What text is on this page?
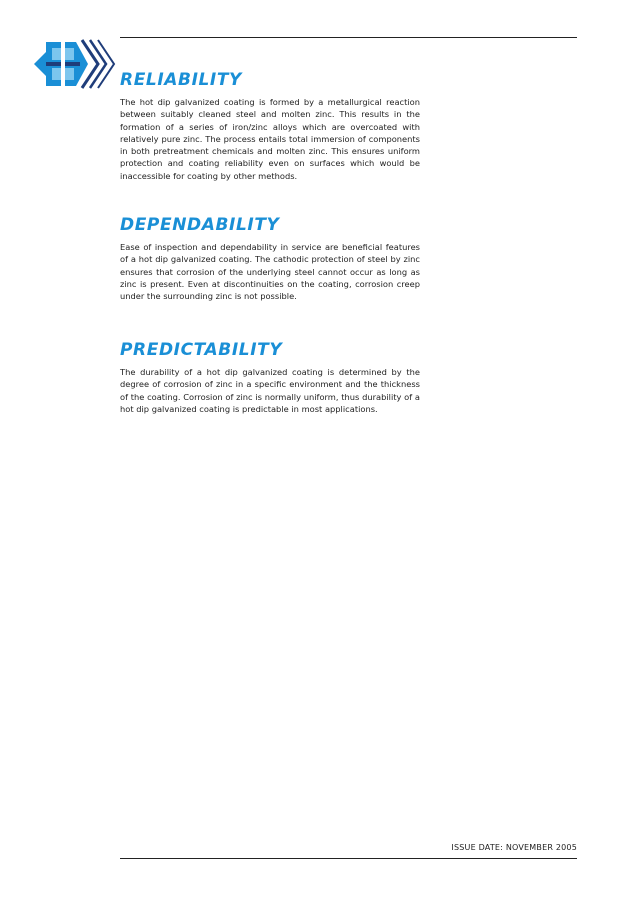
RELIABILITY

The hot dip galvanized coating is formed by a metallurgical reaction between suitably cleaned steel and molten zinc. This results in the formation of a series of iron/zinc alloys which are overcoated with relatively pure zinc. The process entails total immersion of components in both pretreatment chemicals and molten zinc. This ensures uniform protection and coating reliability even on surfaces which would be inaccessible for coating by other methods.

DEPENDABILITY

Ease of inspection and dependability in service are beneficial features of a hot dip galvanized coating. The cathodic protection of steel by zinc ensures that corrosion of the underlying steel cannot occur as long as zinc is present. Even at discontinuities on the coating, corrosion creep under the surrounding zinc is not possible.

PREDICTABILITY

The durability of a hot dip galvanized coating is determined by the degree of corrosion of zinc in a specific environment and the thickness of the coating. Corrosion of zinc is normally uniform, thus durability of a hot dip galvanized coating is predictable in most applications.

ISSUE DATE: NOVEMBER 2005
